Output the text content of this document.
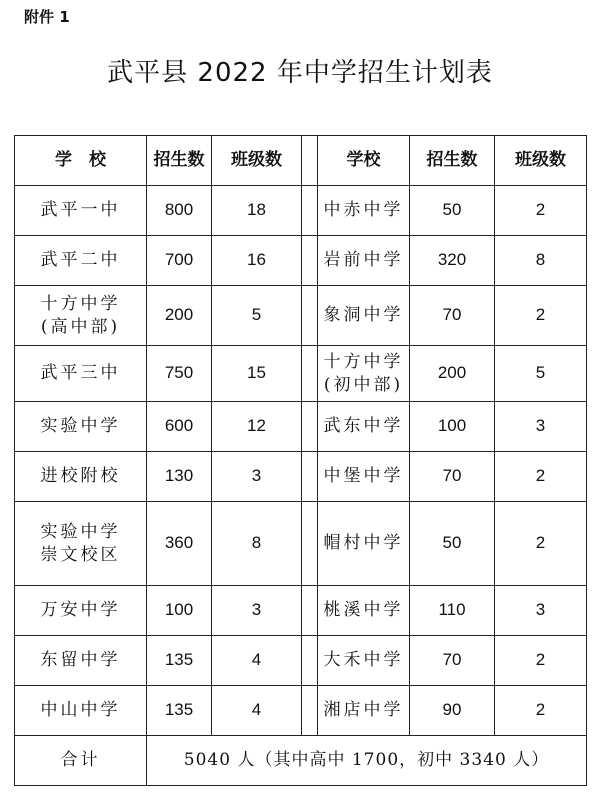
附件 1
武平县 2022 年中学招生计划表
学　校	招生数	班级数		学校	招生数	班级数

武平一中	800	18		中赤中学	50	2

武平二中	700	16		岩前中学	320	8

十方中学
(高中部)	200	5		象洞中学	70	2

武平三中	750	15		十方中学
(初中部)	200	5

实验中学	600	12		武东中学	100	3

进校附校	130	3		中堡中学	70	2

实验中学
崇文校区	360	8		帽村中学	50	2

万安中学	100	3		桃溪中学	110	3

东留中学	135	4		大禾中学	70	2

中山中学	135	4		湘店中学	90	2
合计	5040 人（其中高中 1700，初中 3340 人）					
